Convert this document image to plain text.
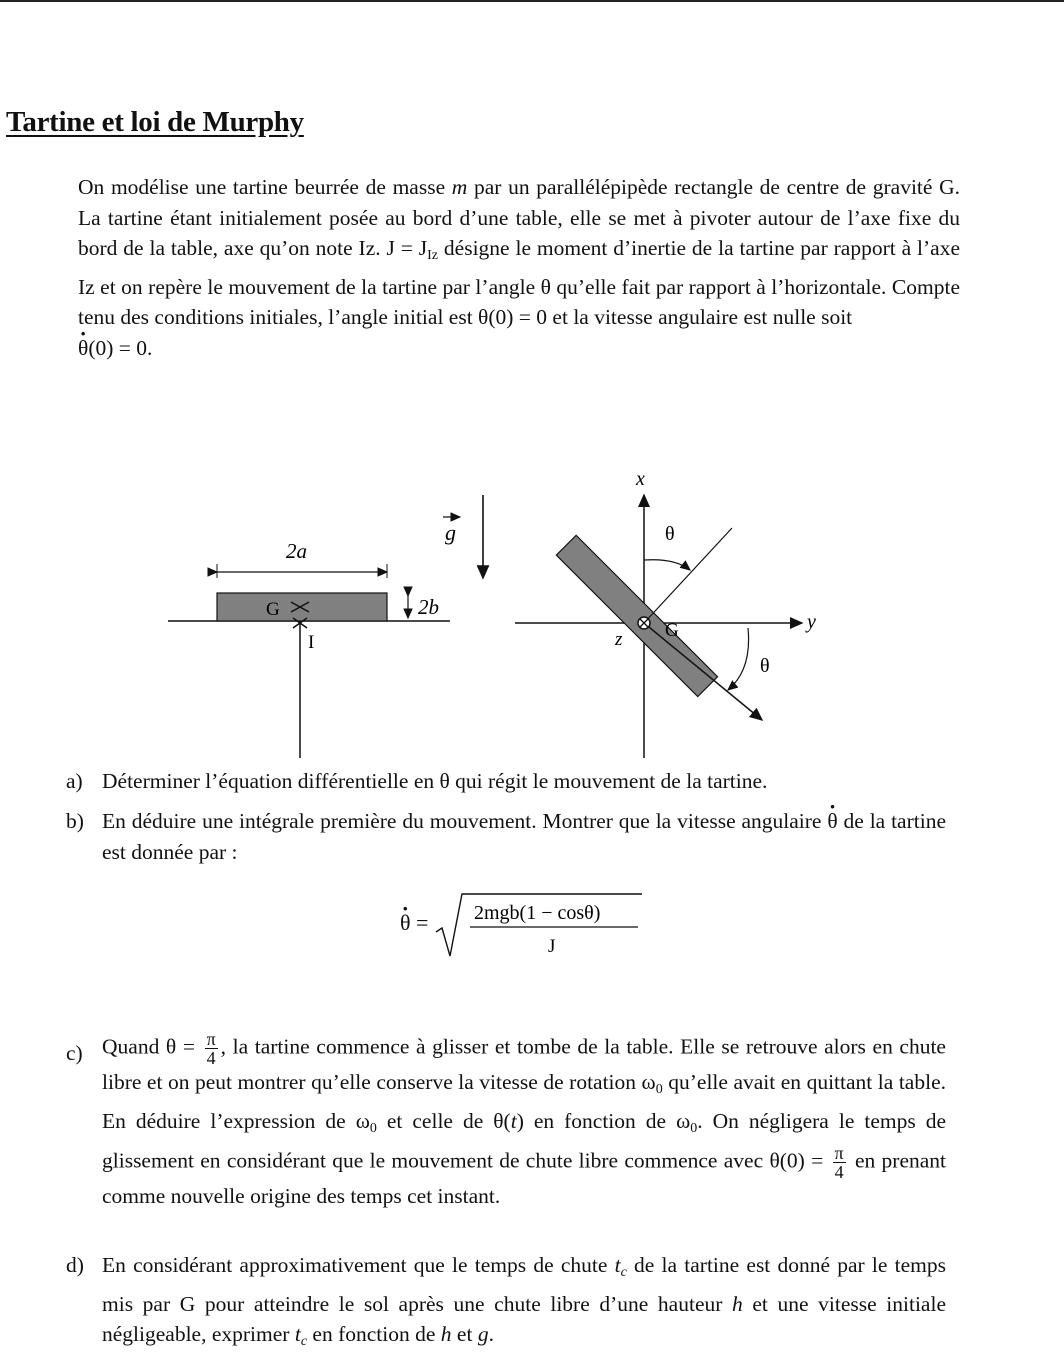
Tartine et loi de Murphy
On modélise une tartine beurrée de masse m par un parallélépipède rectangle de centre de gravité G. La tartine étant initialement posée au bord d’une table, elle se met à pivoter autour de l’axe fixe du bord de la table, axe qu’on note Iz. $J = J_{Iz}$ désigne le moment d’inertie de la tartine par rapport à l’axe Iz et on repère le mouvement de la tartine par l’angle θ qu’elle fait par rapport à l’horizontale. Compte tenu des conditions initiales, l’angle initial est θ(0) = 0 et la vitesse angulaire est nulle soit
· θ(0) = 0.
2a
2b
G
I
g
x
y
z G
θ
θ
a) Déterminer l’équation différentielle en θ qui régit le mouvement de la tartine.
b) En déduire une intégrale première du mouvement. Montrer que la vitesse angulaire · θ de la tartine est donnée par :
· θ = 2mgb(1 − cosθ)
J
c) Quand $\theta = \frac{\pi}{4}$ , la tartine commence à glisser et tombe de la table. Elle se retrouve alors en chute libre et on peut montrer qu’elle conserve la vitesse de rotation $\omega_0$ qu’elle avait en quittant la table. En déduire l’expression de $\omega_0$ et celle de θ(t) en fonction de $\omega_0$. On négligera le temps de glissement en considérant que le mouvement de chute libre commence avec $\theta(0) = \frac{\pi}{4}$ en prenant comme nouvelle origine des temps cet instant.
d) En considérant approximativement que le temps de chute $t_c$ de la tartine est donné par le temps mis par G pour atteindre le sol après une chute libre d’une hauteur h et une vitesse initiale négligeable, exprimer $t_c$ en fonction de h et g.
